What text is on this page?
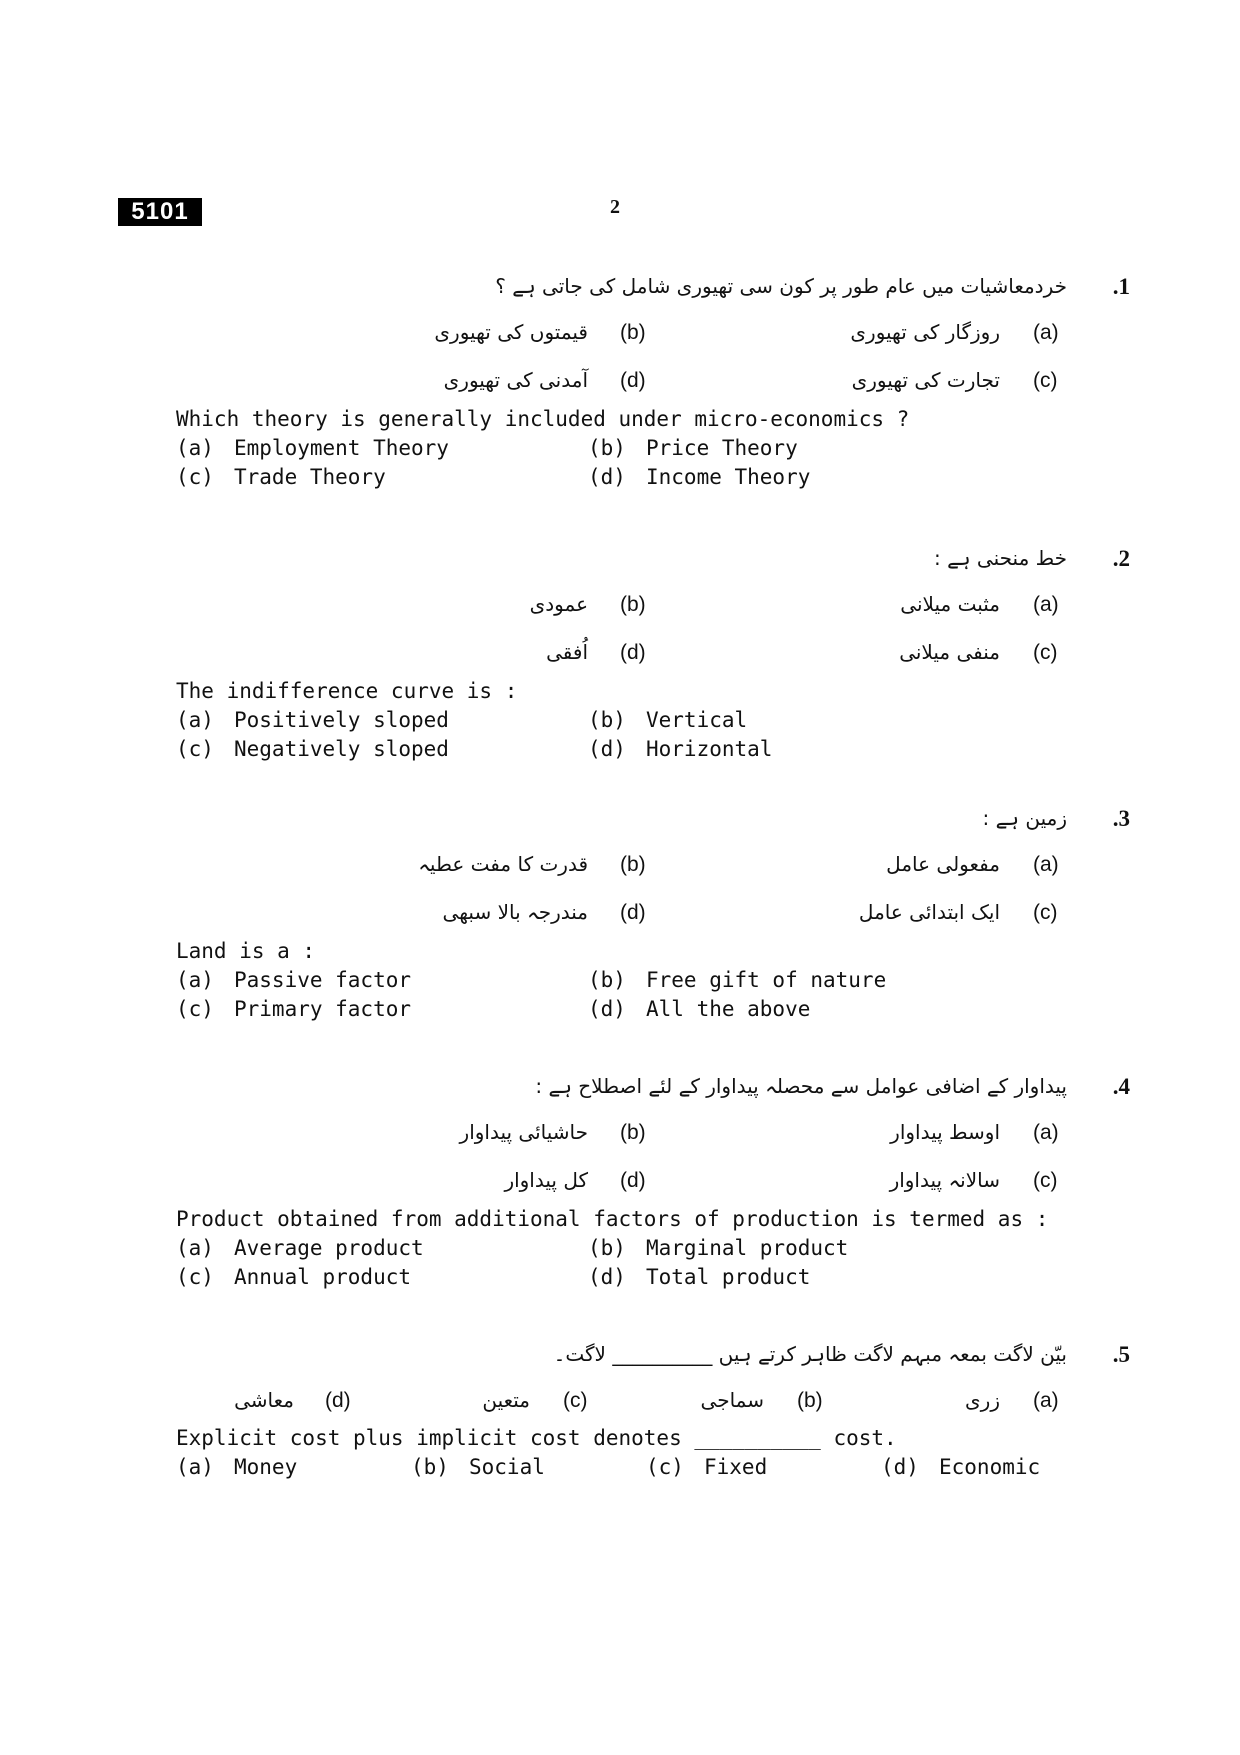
5101	2
.1
خردمعاشیات میں عام طور پر کون سی تھیوری شامل کی جاتی ہے ؟
(a)
روزگار کی تھیوری
(b)
قیمتوں کی تھیوری
(c)
تجارت کی تھیوری
(d)
آمدنی کی تھیوری
Which theory is generally included under micro-economics ?
(a) Employment Theory	(b) Price Theory
(c) Trade Theory	(d) Income Theory
.2
خط منحنی ہے :
(a)
مثبت میلانی
(b)
عمودی
(c)
منفی میلانی
(d)
اُفقی
The indifference curve is :
(a) Positively sloped	(b) Vertical
(c) Negatively sloped	(d) Horizontal
.3
زمین ہے :
(a)
مفعولی عامل
(b)
قدرت کا مفت عطیہ
(c)
ایک ابتدائی عامل
(d)
مندرجہ بالا سبھی
Land is a :
(a) Passive factor	(b) Free gift of nature
(c) Primary factor	(d) All the above
.4
پیداوار کے اضافی عوامل سے محصلہ پیداوار کے لئے اصطلاح ہے :
(a)
اوسط پیداوار
(b)
حاشیائی پیداوار
(c)
سالانہ پیداوار
(d)
کل پیداوار
Product obtained from additional factors of production is termed as :
(a) Average product	(b) Marginal product
(c) Annual product	(d) Total product
.5
بیّن لاگت بمعہ مبہم لاگت ظاہر کرتے ہیں __________ لاگت۔
(a)
زری
(b)
سماجی
(c)
متعین
(d)
معاشی
Explicit cost plus implicit cost denotes __________ cost.
(a) Money	(b) Social	(c) Fixed	(d) Economic
